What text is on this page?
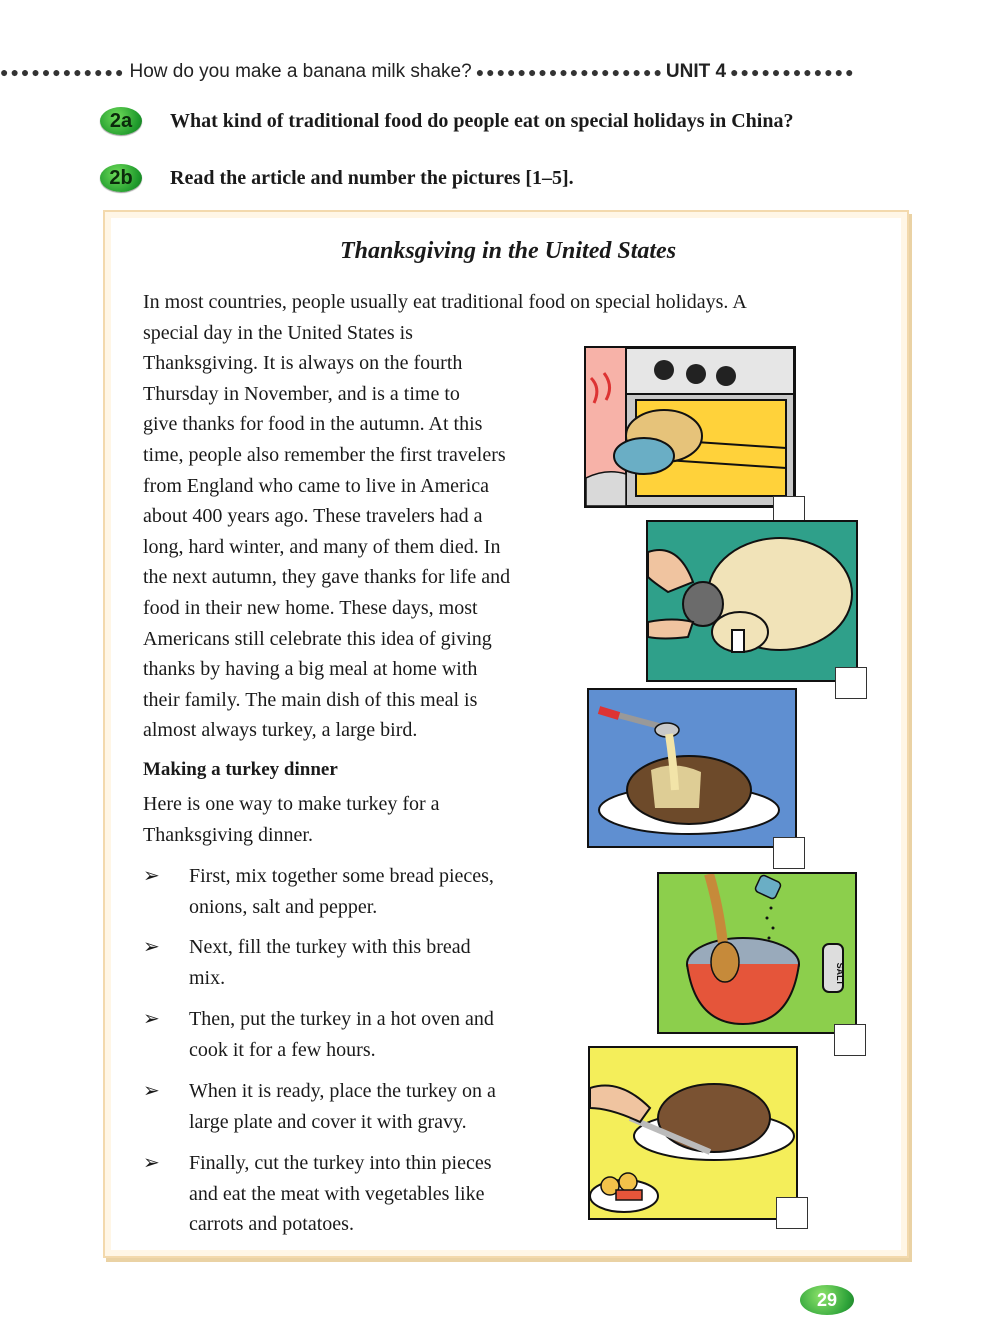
●●●●●●●●●●●● How do you make a banana milk shake? ●●●●●●●●●●●●●●●●●● UNIT 4 ●●●●●●●●●●●●
2a	What kind of traditional food do people eat on special holidays in China?
2b	Read the article and number the pictures [1–5].
Thanksgiving in the United States
In most countries, people usually eat traditional food on special holidays. A
special day in the United States is
Thanksgiving. It is always on the fourth
Thursday in November, and is a time to
give thanks for food in the autumn. At this
time, people also remember the first travelers
from England who came to live in America
about 400 years ago. These travelers had a
long, hard winter, and many of them died. In
the next autumn, they gave thanks for life and
food in their new home. These days, most
Americans still celebrate this idea of giving
thanks by having a big meal at home with
their family. The main dish of this meal is
almost always turkey, a large bird.
Making a turkey dinner
Here is one way to make turkey for a
Thanksgiving dinner.
➢ First, mix together some bread pieces,
onions, salt and pepper.
➢ Next, fill the turkey with this bread
mix.
➢ Then, put the turkey in a hot oven and
cook it for a few hours.
➢ When it is ready, place the turkey on a
large plate and cover it with gravy.
➢ Finally, cut the turkey into thin pieces
and eat the meat with vegetables like
carrots and potatoes.
SALT
29
